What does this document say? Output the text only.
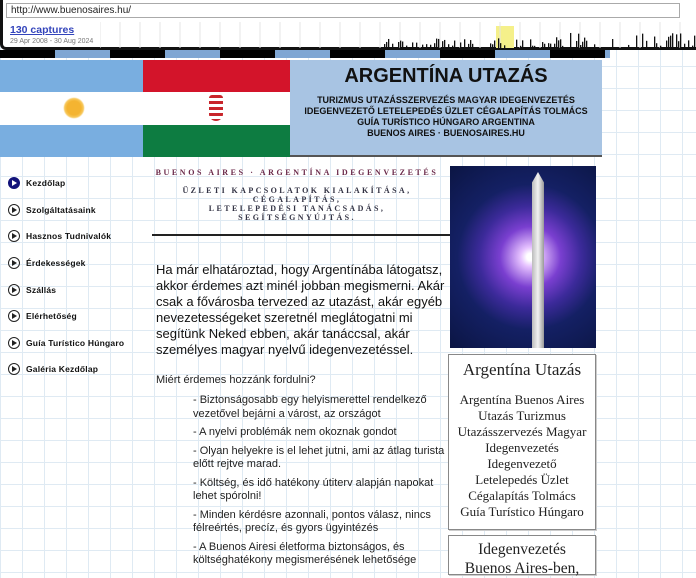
http://www.buenosaires.hu/
130 captures
29 Apr 2008 - 30 Aug 2024
ARGENTÍNA UTAZÁS

TURIZMUS UTAZÁSSZERVEZÉS MAGYAR IDEGENVEZETÉS

IDEGENVEZETŐ LETELEPEDÉS ÜZLET CÉGALAPÍTÁS TOLMÁCS

GUÍA TURÍSTICO HÚNGARO ARGENTINA

BUENOS AIRES · BUENOSAIRES.HU

Kezdőlap
Szolgáltatásaink
Hasznos Tudnivalók
Érdekességek
Szállás
Elérhetőség
Guía Turístico Húngaro
Galéria Kezdőlap
BUENOS AIRES · ARGENTÍNA IDEGENVEZETÉS
ÜZLETI KAPCSOLATOK KIALAKÍTÁSA,
CÉGALAPÍTÁS,
LETELEPEDÉSI TANÁCSADÁS,
SEGÍTSÉGNYÚJTÁS.
Ha már elhatároztad, hogy Argentínába látogatsz, akkor érdemes azt minél jobban megismerni. Akár csak a fővárosba tervezed az utazást, akár egyéb nevezetességeket szeretnél meglátogatni mi segítünk Neked ebben, akár tanáccsal, akár személyes magyar nyelvű idegenvezetéssel.
Miért érdemes hozzánk fordulni?
- Biztonságosabb egy helyismerettel rendelkező vezetővel bejárni a várost, az országot
- A nyelvi problémák nem okoznak gondot
- Olyan helyekre is el lehet jutni, ami az átlag turista előtt rejtve marad.
- Költség, és idő hatékony útiterv alapján napokat lehet spórolni!
- Minden kérdésre azonnali, pontos válasz, nincs félreértés, precíz, és gyors ügyintézés
- A Buenos Airesi életforma biztonságos, és költséghatékony megismerésének lehetősége
Argentína Utazás
Argentína Buenos Aires
Utazás Turizmus
Utazásszervezés Magyar
Idegenvezetés
Idegenvezető
Letelepedés Üzlet
Cégalapítás Tolmács
Guía Turístico Húngaro
Idegenvezetés
Buenos Aires-ben,
